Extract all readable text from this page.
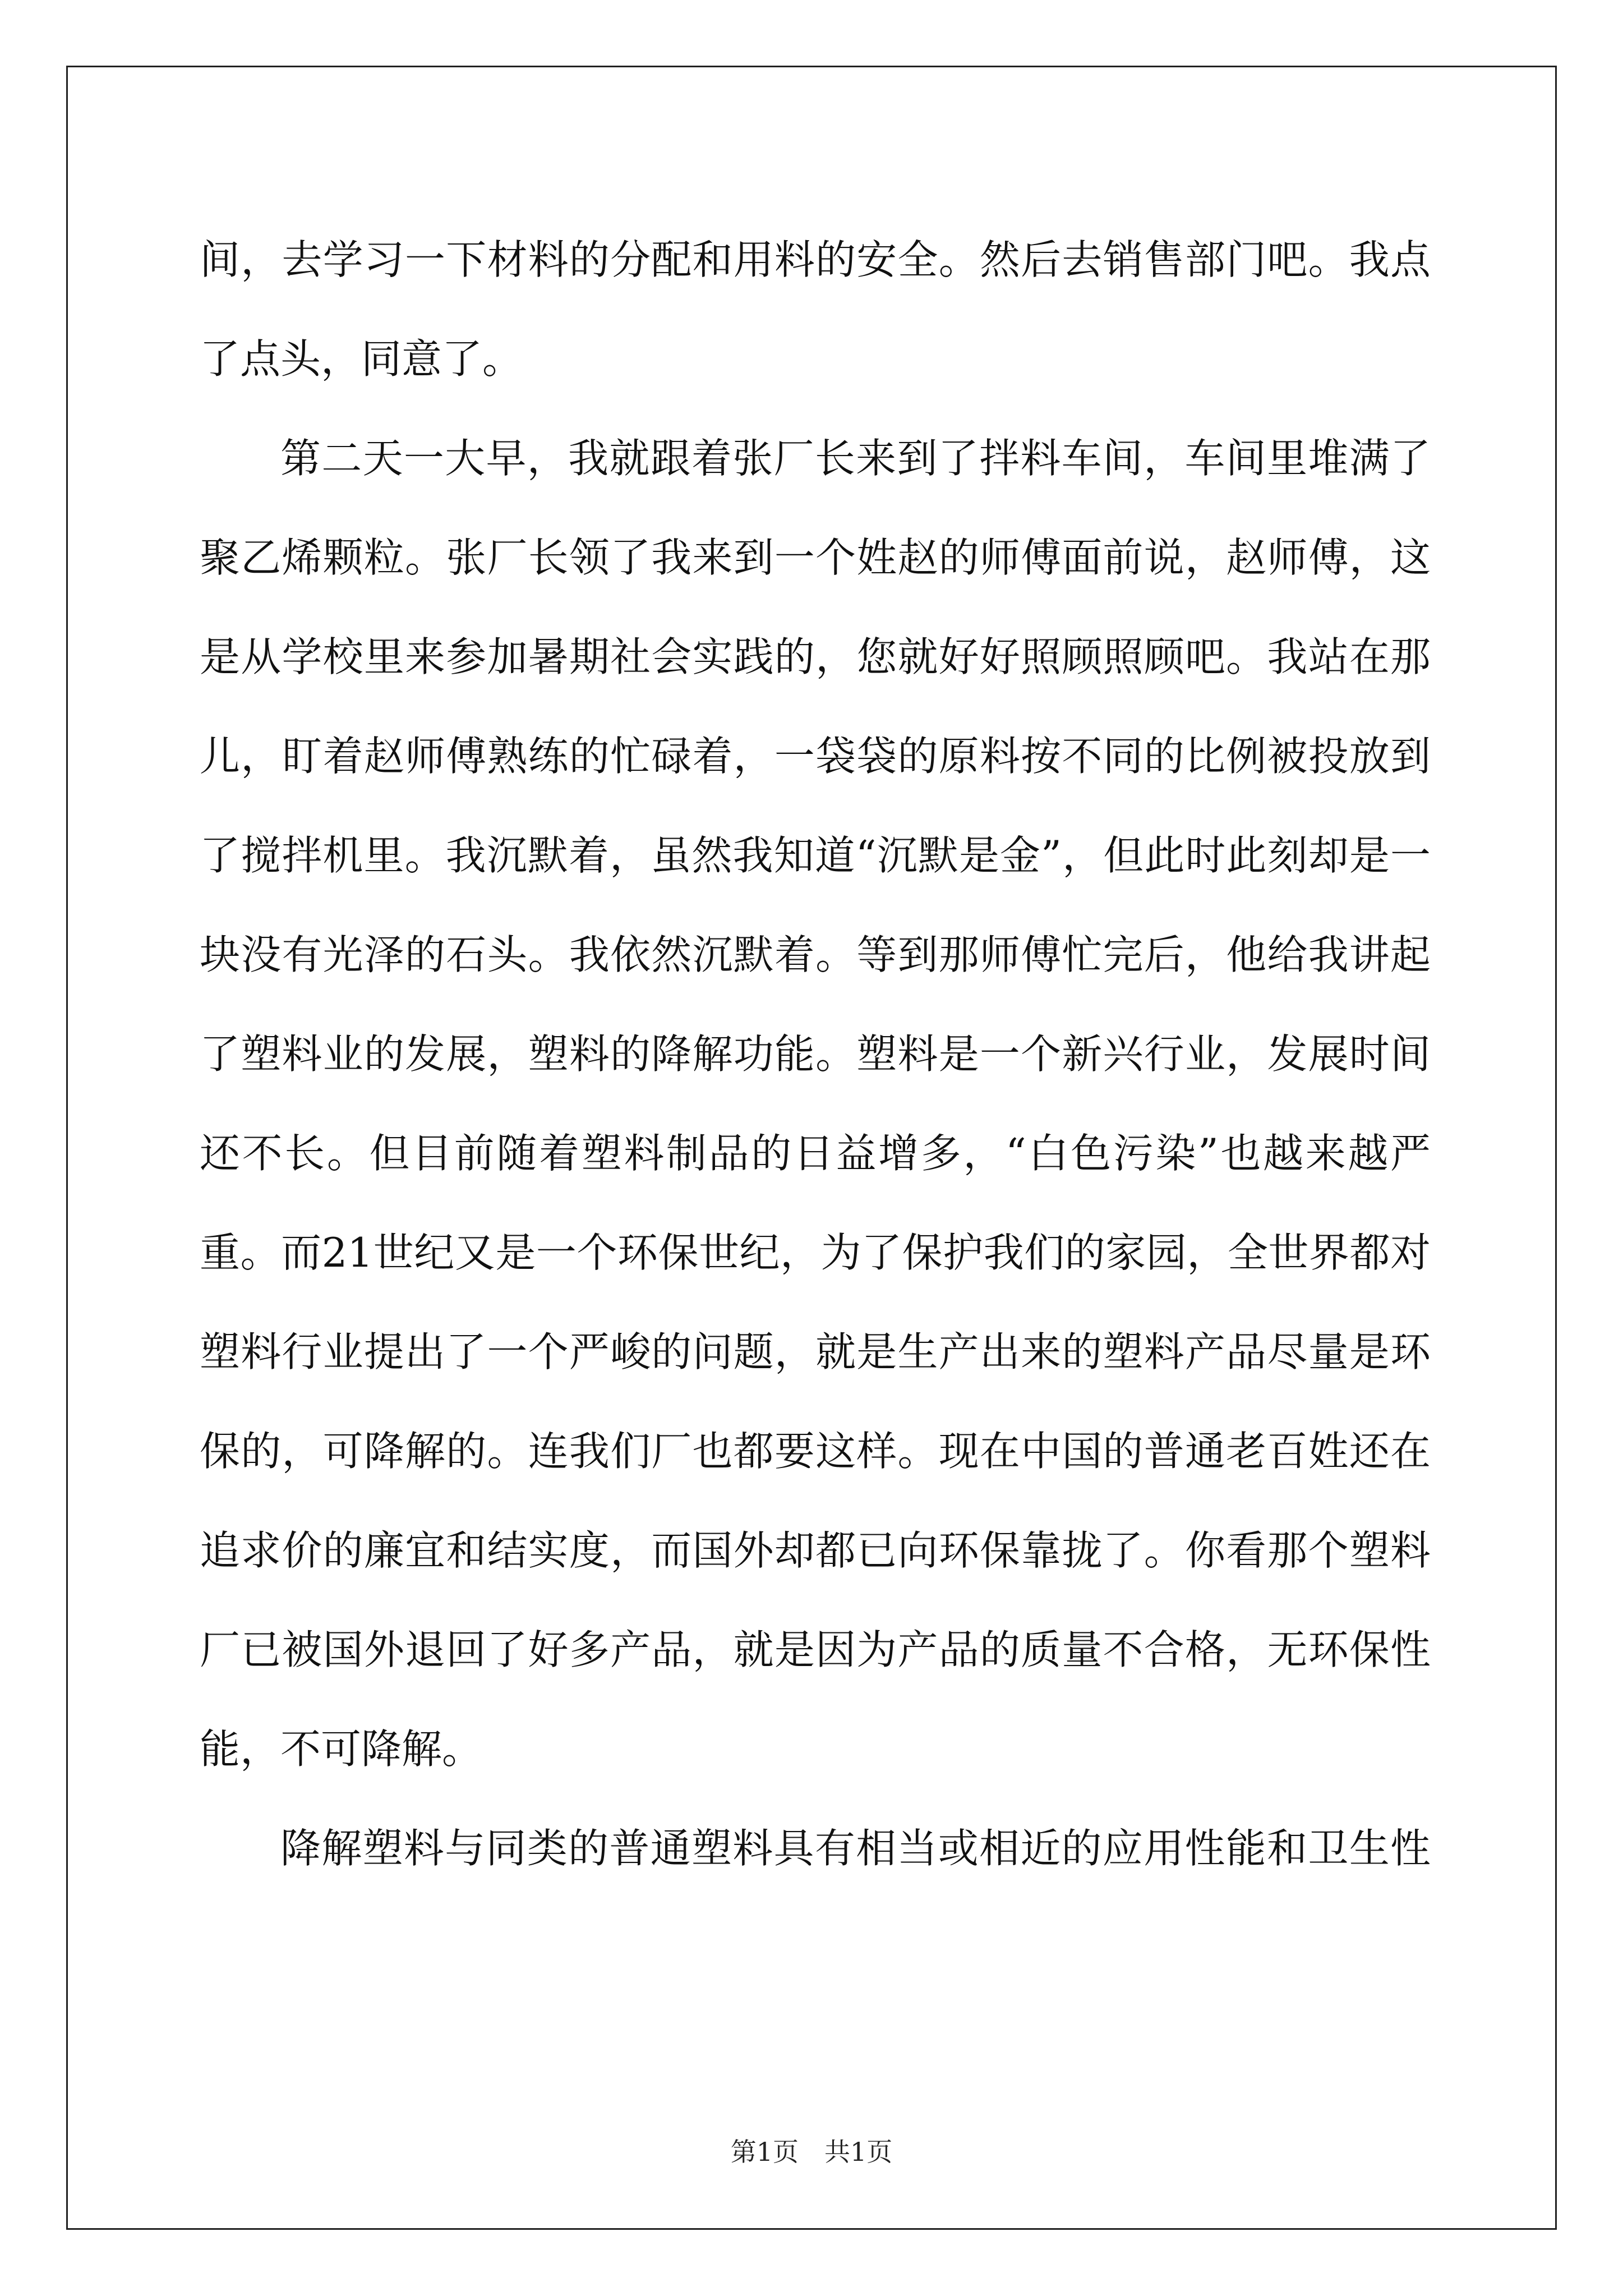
间，去学习一下材料的分配和用料的安全。然后去销售部门吧。我点
了点头，同意了。
第二天一大早，我就跟着张厂长来到了拌料车间，车间里堆满了
聚乙烯颗粒。张厂长领了我来到一个姓赵的师傅面前说，赵师傅，这
是从学校里来参加暑期社会实践的，您就好好照顾照顾吧。我站在那
儿，盯着赵师傅熟练的忙碌着，一袋袋的原料按不同的比例被投放到
了搅拌机里。我沉默着，虽然我知道“沉默是金”，但此时此刻却是一
块没有光泽的石头。我依然沉默着。等到那师傅忙完后，他给我讲起
了塑料业的发展，塑料的降解功能。塑料是一个新兴行业，发展时间
还不长。但目前随着塑料制品的日益增多，“白色污染”也越来越严
重。而21世纪又是一个环保世纪，为了保护我们的家园，全世界都对
塑料行业提出了一个严峻的问题，就是生产出来的塑料产品尽量是环
保的，可降解的。连我们厂也都要这样。现在中国的普通老百姓还在
追求价的廉宜和结实度，而国外却都已向环保靠拢了。你看那个塑料
厂已被国外退回了好多产品，就是因为产品的质量不合格，无环保性
能，不可降解。
降解塑料与同类的普通塑料具有相当或相近的应用性能和卫生性
第1页　共1页
